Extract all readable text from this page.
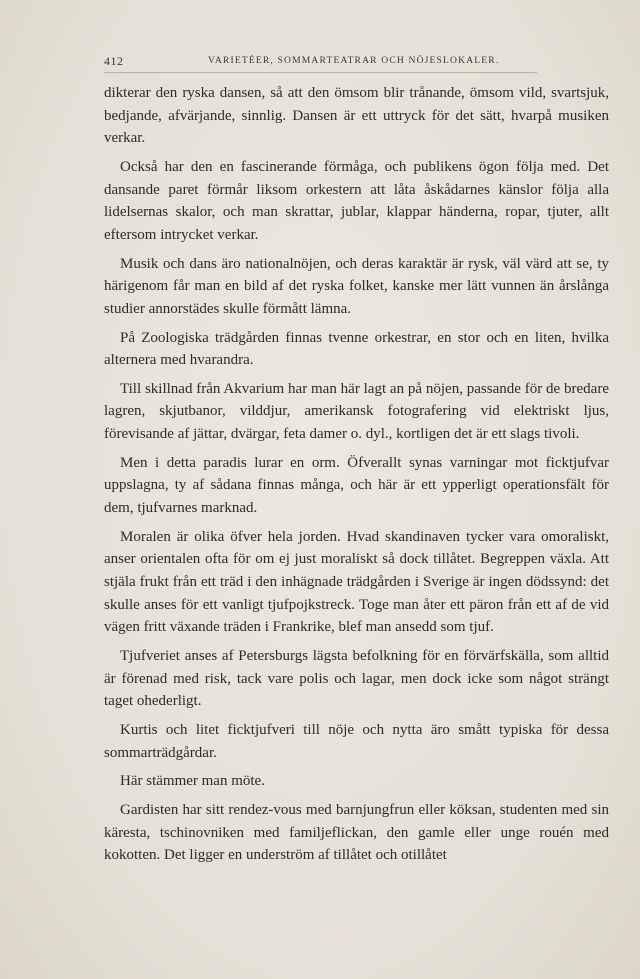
412	VARIETÉER, SOMMARTEATRAR OCH NÖJESLOKALER.

dikterar den ryska dansen, så att den ömsom blir trånande, ömsom vild, svartsjuk, bedjande, afvärjande, sinnlig. Dansen är ett uttryck för det sätt, hvarpå musiken verkar.

Också har den en fascinerande förmåga, och publikens ögon följa med. Det dansande paret förmår liksom orkestern att låta åskådarnes känslor följa alla lidelsernas skalor, och man skrattar, jublar, klappar händerna, ropar, tjuter, allt eftersom intrycket verkar.

Musik och dans äro nationalnöjen, och deras karaktär är rysk, väl värd att se, ty härigenom får man en bild af det ryska folket, kanske mer lätt vunnen än årslånga studier annorstädes skulle förmått lämna.

På Zoologiska trädgården finnas tvenne orkestrar, en stor och en liten, hvilka alternera med hvarandra.

Till skillnad från Akvarium har man här lagt an på nöjen, passande för de bredare lagren, skjutbanor, vilddjur, amerikansk fotografering vid elektriskt ljus, förevisande af jättar, dvärgar, feta damer o. dyl., kortligen det är ett slags tivoli.

Men i detta paradis lurar en orm. Öfverallt synas varningar mot ficktjufvar uppslagna, ty af sådana finnas många, och här är ett ypperligt operationsfält för dem, tjufvarnes marknad.

Moralen är olika öfver hela jorden. Hvad skandinaven tycker vara omoraliskt, anser orientalen ofta för om ej just moraliskt så dock tillåtet. Begreppen växla. Att stjäla frukt från ett träd i den inhägnade trädgården i Sverige är ingen dödssynd: det skulle anses för ett vanligt tjufpojkstreck. Toge man åter ett päron från ett af de vid vägen fritt växande träden i Frankrike, blef man ansedd som tjuf.

Tjufveriet anses af Petersburgs lägsta befolkning för en förvärfskälla, som alltid är förenad med risk, tack vare polis och lagar, men dock icke som något strängt taget ohederligt.

Kurtis och litet ficktjufveri till nöje och nytta äro smått typiska för dessa sommarträdgårdar.

Här stämmer man möte.

Gardisten har sitt rendez-vous med barnjungfrun eller köksan, studenten med sin käresta, tschinovniken med familjeflickan, den gamle eller unge rouén med kokotten. Det ligger en underström af tillåtet och otillåtet
